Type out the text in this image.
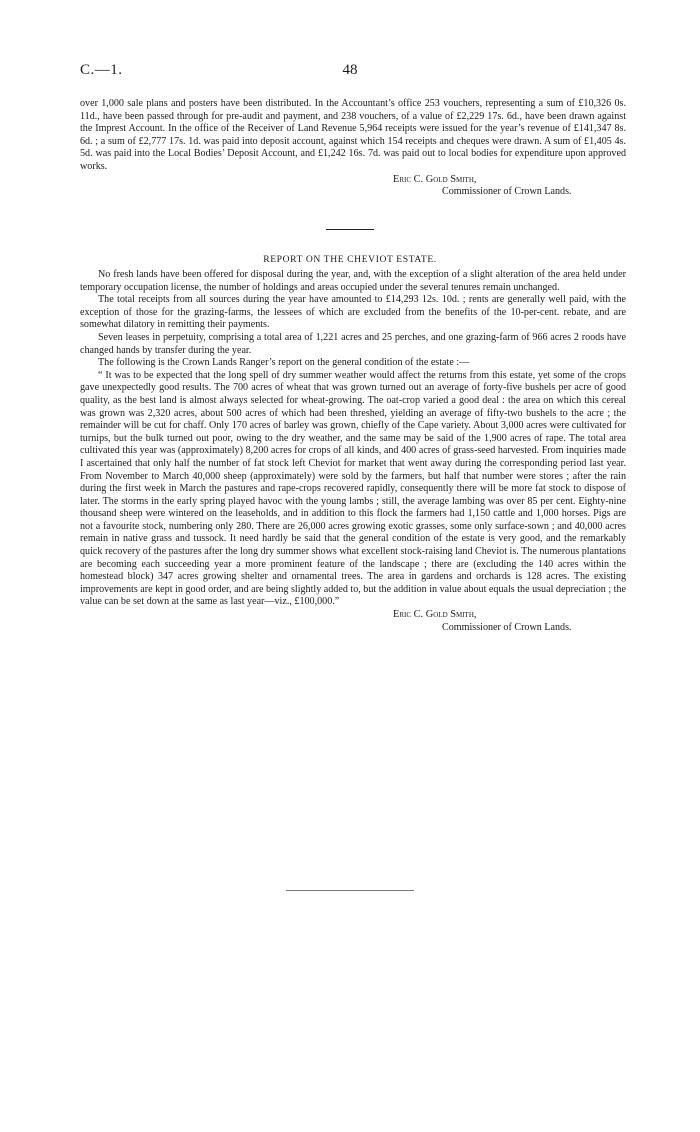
C.—1.	48

over 1,000 sale plans and posters have been distributed. In the Accountant’s office 253 vouchers, representing a sum of £10,326 0s. 11d., have been passed through for pre-audit and payment, and 238 vouchers, of a value of £2,229 17s. 6d., have been drawn against the Imprest Account. In the office of the Receiver of Land Revenue 5,964 receipts were issued for the year’s revenue of £141,347 8s. 6d. ; a sum of £2,777 17s. 1d. was paid into deposit account, against which 154 receipts and cheques were drawn. A sum of £1,405 4s. 5d. was paid into the Local Bodies’ Deposit Account, and £1,242 16s. 7d. was paid out to local bodies for expenditure upon approved works.

Eric C. Gold Smith,

Commissioner of Crown Lands.

REPORT ON THE CHEVIOT ESTATE.

No fresh lands have been offered for disposal during the year, and, with the exception of a slight alteration of the area held under temporary occupation license, the number of holdings and areas occupied under the several tenures remain unchanged.

The total receipts from all sources during the year have amounted to £14,293 12s. 10d. ; rents are generally well paid, with the exception of those for the grazing-farms, the lessees of which are excluded from the benefits of the 10-per-cent. rebate, and are somewhat dilatory in remitting their payments.

Seven leases in perpetuity, comprising a total area of 1,221 acres and 25 perches, and one grazing-farm of 966 acres 2 roods have changed hands by transfer during the year.

The following is the Crown Lands Ranger’s report on the general condition of the estate :—

“ It was to be expected that the long spell of dry summer weather would affect the returns from this estate, yet some of the crops gave unexpectedly good results. The 700 acres of wheat that was grown turned out an average of forty-five bushels per acre of good quality, as the best land is almost always selected for wheat-growing. The oat-crop varied a good deal : the area on which this cereal was grown was 2,320 acres, about 500 acres of which had been threshed, yielding an average of fifty-two bushels to the acre ; the remainder will be cut for chaff. Only 170 acres of barley was grown, chiefly of the Cape variety. About 3,000 acres were cultivated for turnips, but the bulk turned out poor, owing to the dry weather, and the same may be said of the 1,900 acres of rape. The total area cultivated this year was (approximately) 8,200 acres for crops of all kinds, and 400 acres of grass-seed harvested. From inquiries made I ascertained that only half the number of fat stock left Cheviot for market that went away during the corresponding period last year. From November to March 40,000 sheep (approximately) were sold by the farmers, but half that number were stores ; after the rain during the first week in March the pastures and rape-crops recovered rapidly, consequently there will be more fat stock to dispose of later. The storms in the early spring played havoc with the young lambs ; still, the average lambing was over 85 per cent. Eighty-nine thousand sheep were wintered on the leaseholds, and in addition to this flock the farmers had 1,150 cattle and 1,000 horses. Pigs are not a favourite stock, numbering only 280. There are 26,000 acres growing exotic grasses, some only surface-sown ; and 40,000 acres remain in native grass and tussock. It need hardly be said that the general condition of the estate is very good, and the remarkably quick recovery of the pastures after the long dry summer shows what excellent stock-raising land Cheviot is. The numerous plantations are becoming each succeeding year a more prominent feature of the landscape ; there are (excluding the 140 acres within the homestead block) 347 acres growing shelter and ornamental trees. The area in gardens and orchards is 128 acres. The existing improvements are kept in good order, and are being slightly added to, but the addition in value about equals the usual depreciation ; the value can be set down at the same as last year—viz., £100,000.”

Eric C. Gold Smith,

Commissioner of Crown Lands.
